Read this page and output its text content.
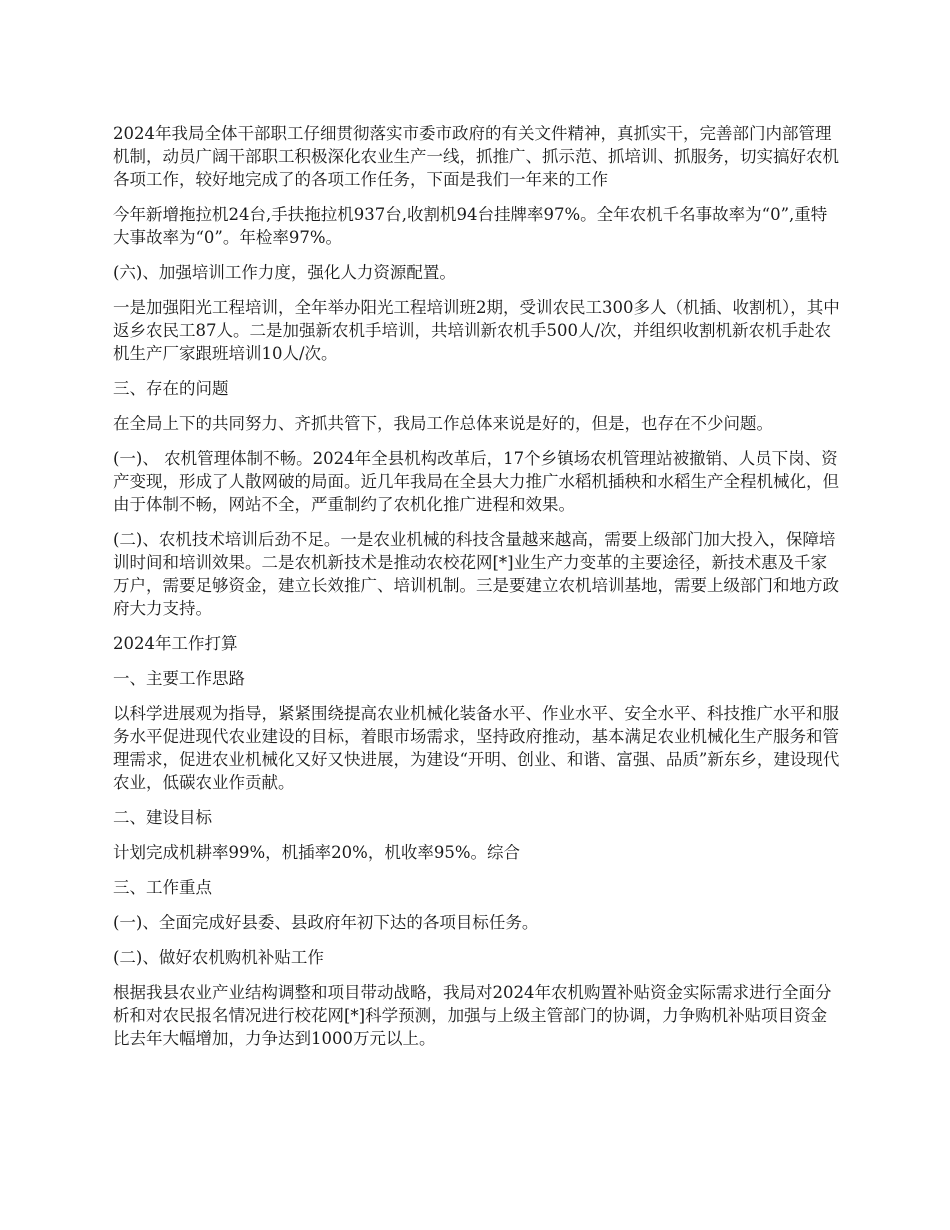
2024年我局全体干部职工仔细贯彻落实市委市政府的有关文件精神，真抓实干，完善部门内部管理机制，动员广阔干部职工积极深化农业生产一线，抓推广、抓示范、抓培训、抓服务，切实搞好农机各项工作，较好地完成了的各项工作任务，下面是我们一年来的工作

今年新增拖拉机24台,手扶拖拉机937台,收割机94台挂牌率97%。全年农机千名事故率为“0”,重特大事故率为“0”。年检率97%。

(六)、加强培训工作力度，强化人力资源配置。

一是加强阳光工程培训，全年举办阳光工程培训班2期，受训农民工300多人（机插、收割机），其中返乡农民工87人。二是加强新农机手培训，共培训新农机手500人/次，并组织收割机新农机手赴农机生产厂家跟班培训10人/次。

三、存在的问题

在全局上下的共同努力、齐抓共管下，我局工作总体来说是好的，但是，也存在不少问题。

(一)、 农机管理体制不畅。2024年全县机构改革后，17个乡镇场农机管理站被撤销、人员下岗、资产变现，形成了人散网破的局面。近几年我局在全县大力推广水稻机插秧和水稻生产全程机械化，但由于体制不畅，网站不全，严重制约了农机化推广进程和效果。

(二)、农机技术培训后劲不足。一是农业机械的科技含量越来越高，需要上级部门加大投入，保障培训时间和培训效果。二是农机新技术是推动农校花网[*]业生产力变革的主要途径，新技术惠及千家万户，需要足够资金，建立长效推广、培训机制。三是要建立农机培训基地，需要上级部门和地方政府大力支持。

2024年工作打算

一、主要工作思路

以科学进展观为指导，紧紧围绕提高农业机械化装备水平、作业水平、安全水平、科技推广水平和服务水平促进现代农业建设的目标，着眼市场需求，坚持政府推动，基本满足农业机械化生产服务和管理需求，促进农业机械化又好又快进展，为建设“开明、创业、和谐、富强、品质”新东乡，建设现代农业，低碳农业作贡献。

二、建设目标

计划完成机耕率99%，机插率20%，机收率95%。综合

三、工作重点

(一)、全面完成好县委、县政府年初下达的各项目标任务。

(二)、做好农机购机补贴工作

根据我县农业产业结构调整和项目带动战略，我局对2024年农机购置补贴资金实际需求进行全面分析和对农民报名情况进行校花网[*]科学预测，加强与上级主管部门的协调，力争购机补贴项目资金比去年大幅增加，力争达到1000万元以上。
